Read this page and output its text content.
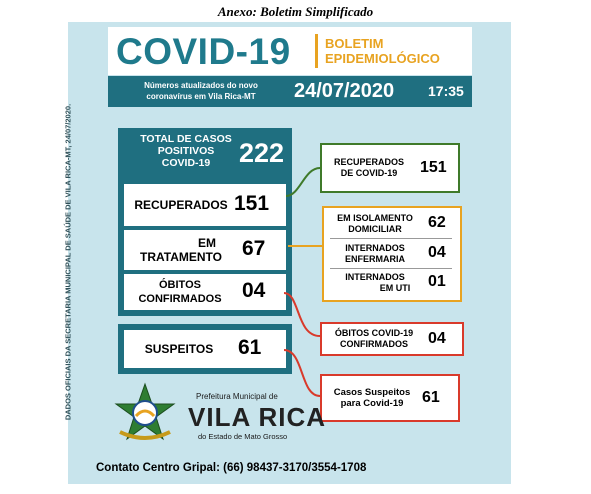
Anexo: Boletim Simplificado
DADOS OFICIAIS DA SECRETARIA MUNICIPAL DE SAÚDE DE VILA RICA-MT, 24/07/2020.
COVID-19	BOLETIM
EPIDEMIOLÓGICO
Números atualizados do novo
coronavírus em Vila Rica-MT	24/07/2020 17:35
TOTAL DE CASOS
POSITIVOS
COVID-19	222
RECUPERADOS 151
EM
TRATAMENTO 67
ÓBITOS
CONFIRMADOS 04
SUSPEITOS	61
RECUPERADOS
DE COVID-19	151
EM ISOLAMENTO
DOMICILIAR	62
INTERNADOS
ENFERMARIA	04
INTERNADOS
EM UTI	01
ÓBITOS COVID-19
CONFIRMADOS	04
Casos Suspeitos
para Covid-19	61
Prefeitura Municipal de
VILA RICA
do Estado de Mato Grosso
Contato Centro Gripal: (66) 98437-3170/3554-1708
